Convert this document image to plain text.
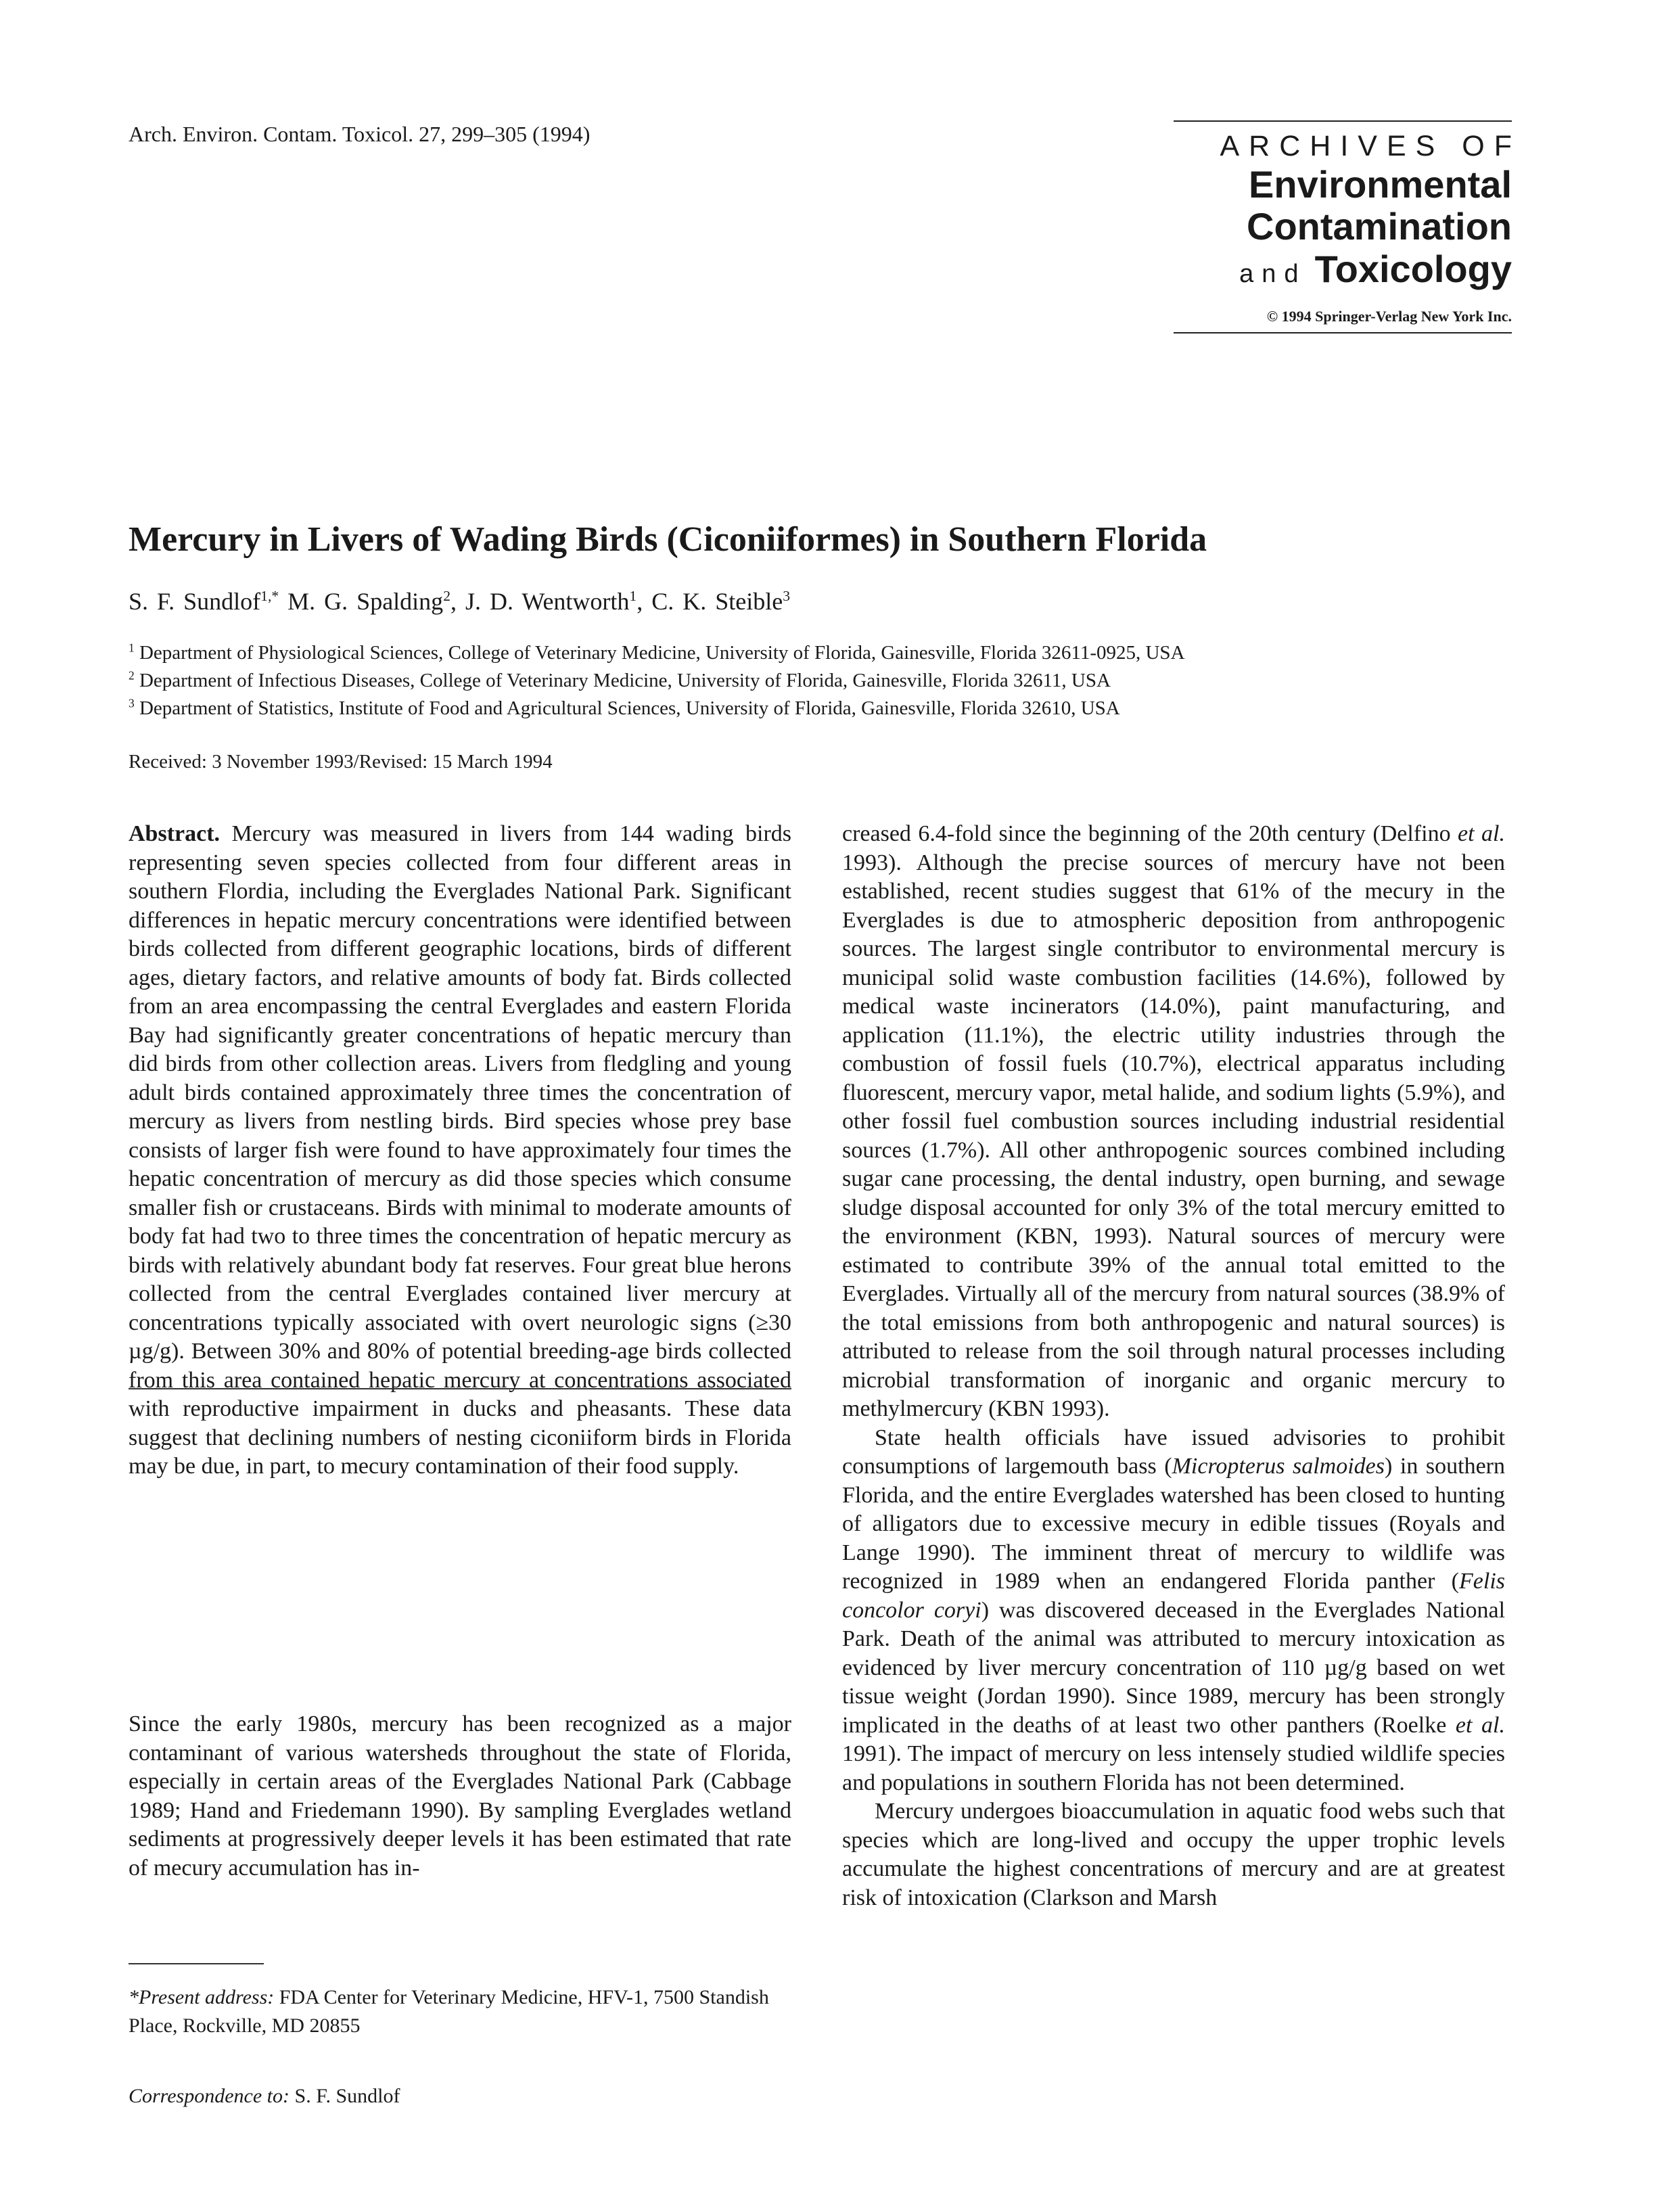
Arch. Environ. Contam. Toxicol. 27, 299–305 (1994)	ARCHIVES OF
Environmental
Contamination
and Toxicology
© 1994 Springer-Verlag New York Inc.
Mercury in Livers of Wading Birds (Ciconiiformes) in Southern Florida
S. F. Sundlof$^{1,*}$ M. G. Spalding$^2$, J. D. Wentworth$^1$, C. K. Steible$^3$
$^1$ Department of Physiological Sciences, College of Veterinary Medicine, University of Florida, Gainesville, Florida 32611-0925, USA
$^2$ Department of Infectious Diseases, College of Veterinary Medicine, University of Florida, Gainesville, Florida 32611, USA
$^3$ Department of Statistics, Institute of Food and Agricultural Sciences, University of Florida, Gainesville, Florida 32610, USA
Received: 3 November 1993/Revised: 15 March 1994

Abstract. Mercury was measured in livers from 144 wading birds representing seven species collected from four different areas in southern Flordia, including the Everglades National Park. Significant differences in hepatic mercury concentrations were identified between birds collected from different geographic locations, birds of different ages, dietary factors, and relative amounts of body fat. Birds collected from an area encompassing the central Everglades and eastern Florida Bay had significantly greater concentrations of hepatic mercury than did birds from other collection areas. Livers from fledgling and young adult birds contained approximately three times the concentration of mercury as livers from nestling birds. Bird species whose prey base consists of larger fish were found to have approximately four times the hepatic concentration of mercury as did those species which consume smaller fish or crustaceans. Birds with minimal to moderate amounts of body fat had two to three times the concentration of hepatic mercury as birds with relatively abundant body fat reserves. Four great blue herons collected from the central Everglades contained liver mercury at concentrations typically associated with overt neurologic signs (≥30 µg/g). Between 30% and 80% of potential breeding-age birds collected from this area contained hepatic mercury at concentrations associated with reproductive impairment in ducks and pheasants. These data suggest that declining numbers of nesting ciconiiform birds in Florida may be due, in part, to mecury contamination of their food supply.

Since the early 1980s, mercury has been recognized as a major contaminant of various watersheds throughout the state of Florida, especially in certain areas of the Everglades National Park (Cabbage 1989; Hand and Friedemann 1990). By sampling Everglades wetland sediments at progressively deeper levels it has been estimated that rate of mecury accumulation has in-

*Present address: FDA Center for Veterinary Medicine, HFV-1, 7500 Standish Place, Rockville, MD 20855
Correspondence to: S. F. Sundlof

creased 6.4-fold since the beginning of the 20th century (Delfino et al. 1993). Although the precise sources of mercury have not been established, recent studies suggest that 61% of the mecury in the Everglades is due to atmospheric deposition from anthropogenic sources. The largest single contributor to environmental mercury is municipal solid waste combustion facilities (14.6%), followed by medical waste incinerators (14.0%), paint manufacturing, and application (11.1%), the electric utility industries through the combustion of fossil fuels (10.7%), electrical apparatus including fluorescent, mercury vapor, metal halide, and sodium lights (5.9%), and other fossil fuel combustion sources including industrial residential sources (1.7%). All other anthropogenic sources combined including sugar cane processing, the dental industry, open burning, and sewage sludge disposal accounted for only 3% of the total mercury emitted to the environment (KBN, 1993). Natural sources of mercury were estimated to contribute 39% of the annual total emitted to the Everglades. Virtually all of the mercury from natural sources (38.9% of the total emissions from both anthropogenic and natural sources) is attributed to release from the soil through natural processes including microbial transformation of inorganic and organic mercury to methylmercury (KBN 1993).

State health officials have issued advisories to prohibit consumptions of largemouth bass (Micropterus salmoides) in southern Florida, and the entire Everglades watershed has been closed to hunting of alligators due to excessive mecury in edible tissues (Royals and Lange 1990). The imminent threat of mercury to wildlife was recognized in 1989 when an endangered Florida panther (Felis concolor coryi) was discovered deceased in the Everglades National Park. Death of the animal was attributed to mercury intoxication as evidenced by liver mercury concentration of 110 µg/g based on wet tissue weight (Jordan 1990). Since 1989, mercury has been strongly implicated in the deaths of at least two other panthers (Roelke et al. 1991). The impact of mercury on less intensely studied wildlife species and populations in southern Florida has not been determined.

Mercury undergoes bioaccumulation in aquatic food webs such that species which are long-lived and occupy the upper trophic levels accumulate the highest concentrations of mercury and are at greatest risk of intoxication (Clarkson and Marsh
